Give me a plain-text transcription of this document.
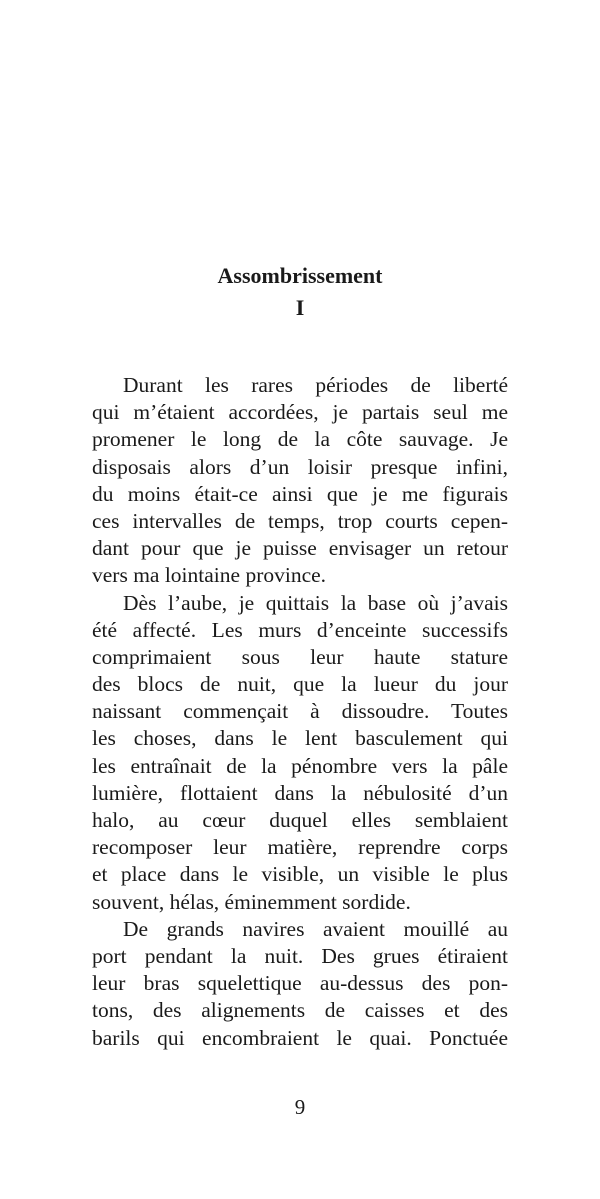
Assombrissement
I
Durant les rares périodes de liberté
qui m’étaient accordées, je partais seul me
promener le long de la côte sauvage. Je
disposais alors d’un loisir presque infini,
du moins était-ce ainsi que je me figurais
ces intervalles de temps, trop courts cepen-
dant pour que je puisse envisager un retour
vers ma lointaine province.
Dès l’aube, je quittais la base où j’avais
été affecté. Les murs d’enceinte successifs
comprimaient sous leur haute stature
des blocs de nuit, que la lueur du jour
naissant commençait à dissoudre. Toutes
les choses, dans le lent basculement qui
les entraînait de la pénombre vers la pâle
lumière, flottaient dans la nébulosité d’un
halo, au cœur duquel elles semblaient
recomposer leur matière, reprendre corps
et place dans le visible, un visible le plus
souvent, hélas, éminemment sordide.
De grands navires avaient mouillé au
port pendant la nuit. Des grues étiraient
leur bras squelettique au-dessus des pon-
tons, des alignements de caisses et des
barils qui encombraient le quai. Ponctuée
9
